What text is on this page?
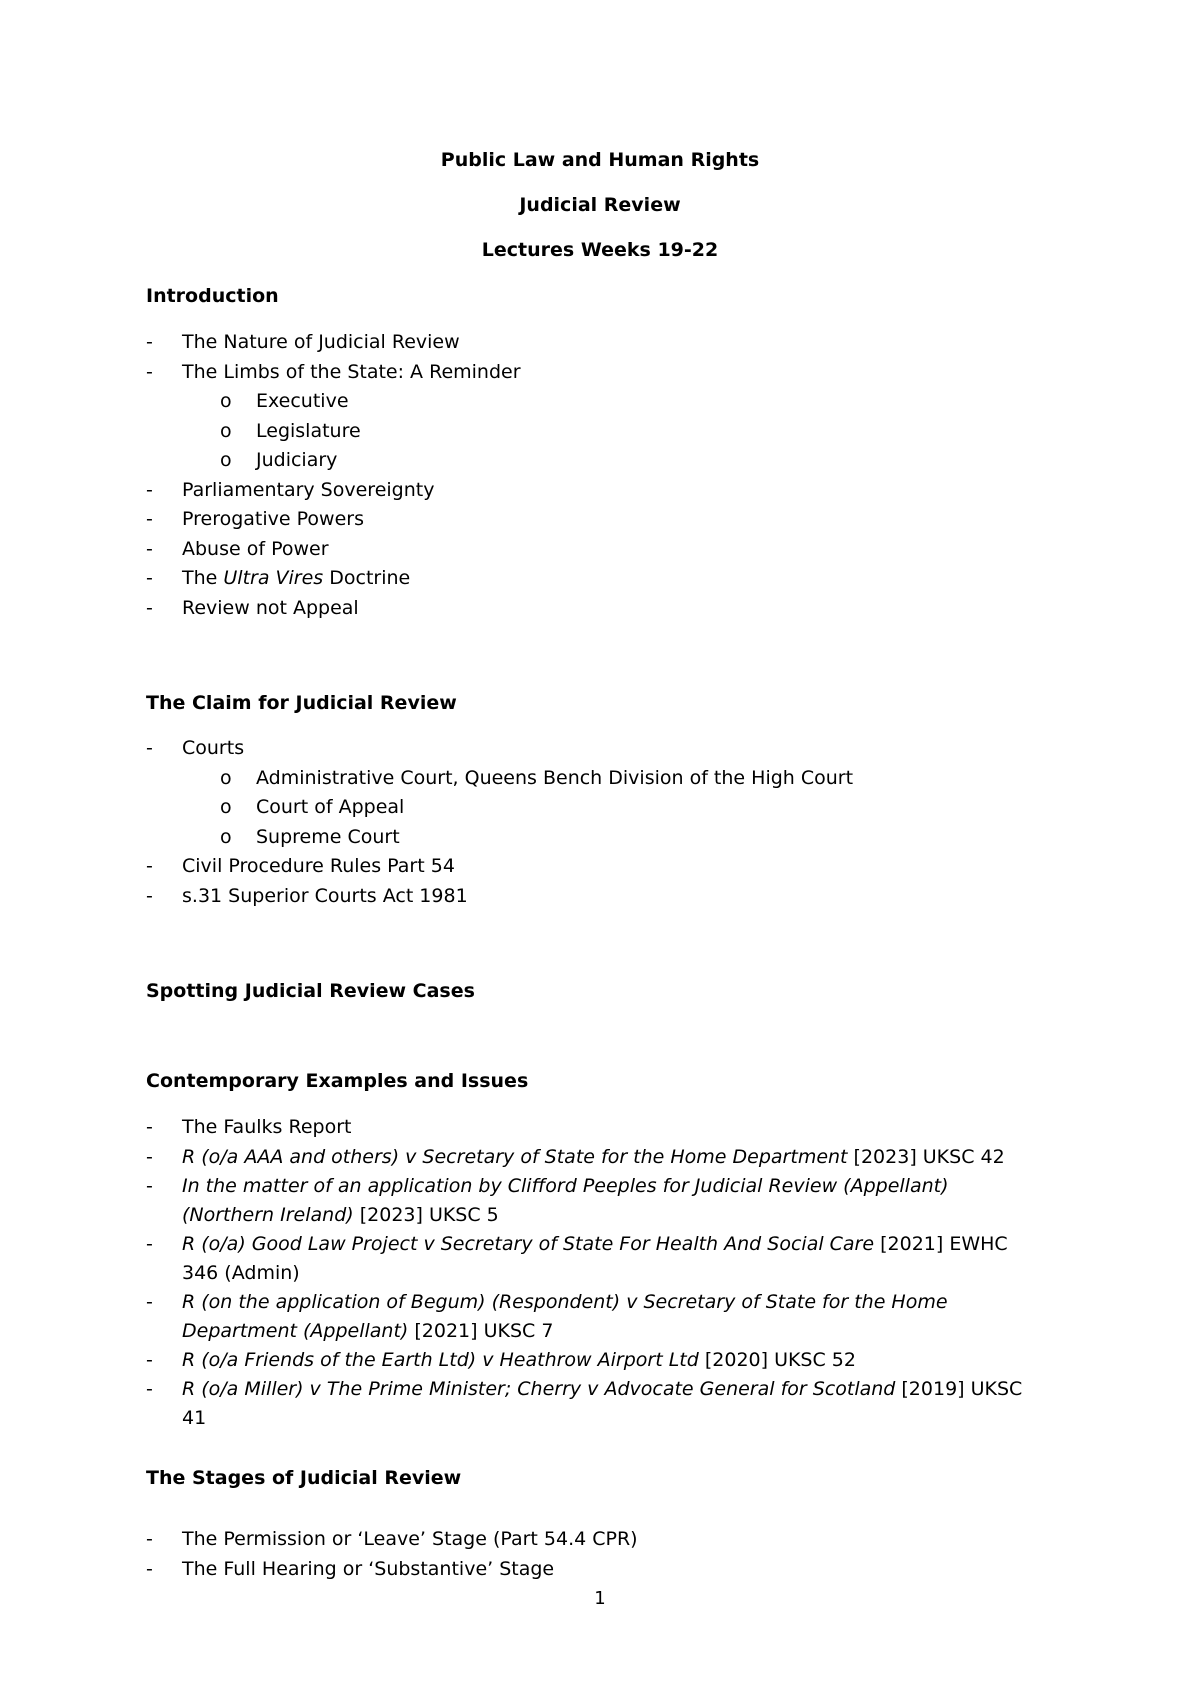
Public Law and Human Rights
Judicial Review
Lectures Weeks 19-22
Introduction
- The Nature of Judicial Review
- The Limbs of the State: A Reminder
o Executive
o Legislature
o Judiciary
- Parliamentary Sovereignty
- Prerogative Powers
- Abuse of Power
- The Ultra Vires Doctrine
- Review not Appeal
The Claim for Judicial Review
- Courts
o Administrative Court, Queens Bench Division of the High Court
o Court of Appeal
o Supreme Court
- Civil Procedure Rules Part 54
- s.31 Superior Courts Act 1981
Spotting Judicial Review Cases
Contemporary Examples and Issues
- The Faulks Report
- R (o/a AAA and others) v Secretary of State for the Home Department [2023] UKSC 42
- In the matter of an application by Clifford Peeples for Judicial Review (Appellant) (Northern Ireland) [2023] UKSC 5
- R (o/a) Good Law Project v Secretary of State For Health And Social Care [2021] EWHC 346 (Admin)
- R (on the application of Begum) (Respondent) v Secretary of State for the Home Department (Appellant) [2021] UKSC 7
- R (o/a Friends of the Earth Ltd) v Heathrow Airport Ltd [2020] UKSC 52
- R (o/a Miller) v The Prime Minister; Cherry v Advocate General for Scotland [2019] UKSC 41
The Stages of Judicial Review
- The Permission or ‘Leave’ Stage (Part 54.4 CPR)
- The Full Hearing or ‘Substantive’ Stage
1
